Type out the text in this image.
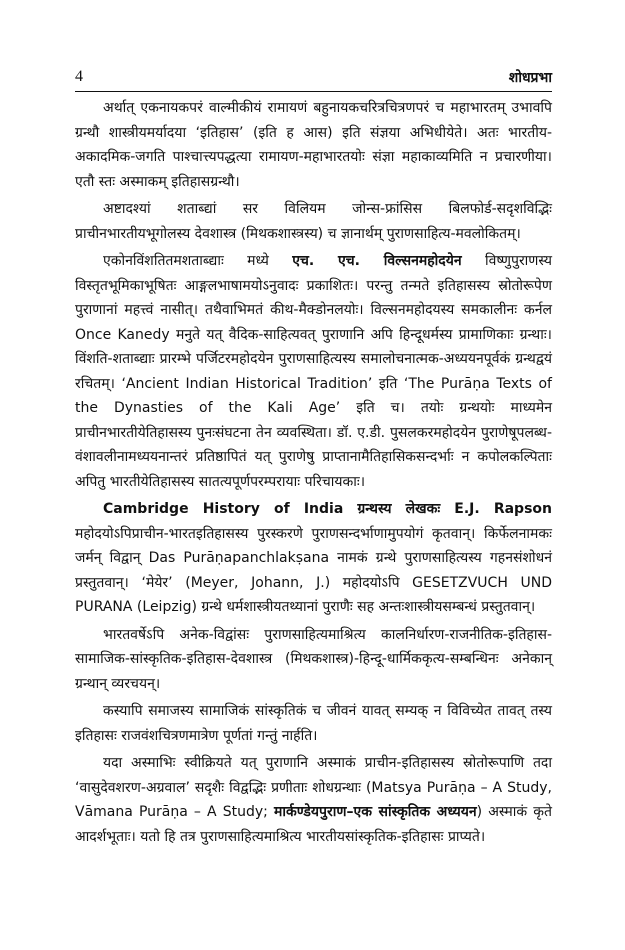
4	शोधप्रभा

अर्थात् एकनायकपरं वाल्मीकीयं रामायणं बहुनायकचरित्रचित्रणपरं च महाभारतम् उभावपि ग्रन्थौ शास्त्रीयमर्यादया ‘इतिहास’ (इति ह आस) इति संज्ञया अभिधीयेते। अतः भारतीय-अकादमिक-जगति पाश्चात्त्यपद्धत्या रामायण-महाभारतयोः संज्ञा महाकाव्यमिति न प्रचारणीया। एतौ स्तः अस्माकम् इतिहासग्रन्थौ।

अष्टादश्यां शताब्द्यां सर विलियम जोन्स-फ्रांसिस बिलफोर्ड-सदृशविद्भिः प्राचीनभारतीयभूगोलस्य देवशास्त्र (मिथकशास्त्रस्य) च ज्ञानार्थम् पुराणसाहित्य-मवलोकितम्।

एकोनविंशतितमशताब्द्याः मध्ये एच. एच. विल्सनमहोदयेन विष्णुपुराणस्य विस्तृतभूमिकाभूषितः आङ्गलभाषामयोऽनुवादः प्रकाशितः। परन्तु तन्मते इतिहासस्य स्रोतोरूपेण पुराणानां महत्त्वं नासीत्। तथैवाभिमतं कीथ-मैक्डोनलयोः। विल्सनमहोदयस्य समकालीनः कर्नल Once Kanedy मनुते यत् वैदिक-साहित्यवत् पुराणानि अपि हिन्दूधर्मस्य प्रामाणिकाः ग्रन्थाः। विंशति-शताब्द्याः प्रारम्भे पर्जिटरमहोदयेन पुराणसाहित्यस्य समालोचनात्मक-अध्ययनपूर्वकं ग्रन्थद्वयं रचितम्। ‘Ancient Indian Historical Tradition’ इति ‘The Purāṇa Texts of the Dynasties of the Kali Age’ इति च। तयोः ग्रन्थयोः माध्यमेन प्राचीनभारतीयेतिहासस्य पुनःसंघटना तेन व्यवस्थिता। डॉ. ए.डी. पुसलकरमहोदयेन पुराणेषूपलब्ध-वंशावलीनामध्ययनान्तरं प्रतिष्ठापितं यत् पुराणेषु प्राप्तानामैतिहासिकसन्दर्भाः न कपोलकल्पिताः अपितु भारतीयेतिहासस्य सातत्यपूर्णपरम्परायाः परिचायकाः।

Cambridge History of India ग्रन्थस्य लेखकः E.J. Rapson महोदयोऽपिप्राचीन-भारतइतिहासस्य पुरस्करणे पुराणसन्दर्भाणामुपयोगं कृतवान्। किर्फेलनामकः जर्मन् विद्वान् Das Purāṇapanchlakṣana नामकं ग्रन्थे पुराणसाहित्यस्य गहनसंशोधनं प्रस्तुतवान्। ‘मेयेर’ (Meyer, Johann, J.) महोदयोऽपि GESETZVUCH UND PURANA (Leipzig) ग्रन्थे धर्मशास्त्रीयतथ्यानां पुराणैः सह अन्तःशास्त्रीयसम्बन्धं प्रस्तुतवान्।

भारतवर्षेऽपि अनेक-विद्वांसः पुराणसाहित्यमाश्रित्य कालनिर्धारण-राजनीतिक-इतिहास-सामाजिक-सांस्कृतिक-इतिहास-देवशास्त्र (मिथकशास्त्र)-हिन्दू-धार्मिककृत्य-सम्बन्धिनः अनेकान् ग्रन्थान् व्यरचयन्।

कस्यापि समाजस्य सामाजिकं सांस्कृतिकं च जीवनं यावत् सम्यक् न विविच्येत तावत् तस्य इतिहासः राजवंशचित्रणमात्रेण पूर्णतां गन्तुं नार्हति।

यदा अस्माभिः स्वीक्रियते यत् पुराणानि अस्माकं प्राचीन-इतिहासस्य स्रोतोरूपाणि तदा ‘वासुदेवशरण-अग्रवाल’ सदृशैः विद्वद्भिः प्रणीताः शोधग्रन्थाः (Matsya Purāṇa – A Study, Vāmana Purāṇa – A Study; मार्कण्डेयपुराण–एक सांस्कृतिक अध्ययन) अस्माकं कृते आदर्शभूताः। यतो हि तत्र पुराणसाहित्यमाश्रित्य भारतीयसांस्कृतिक-इतिहासः प्राप्यते।
